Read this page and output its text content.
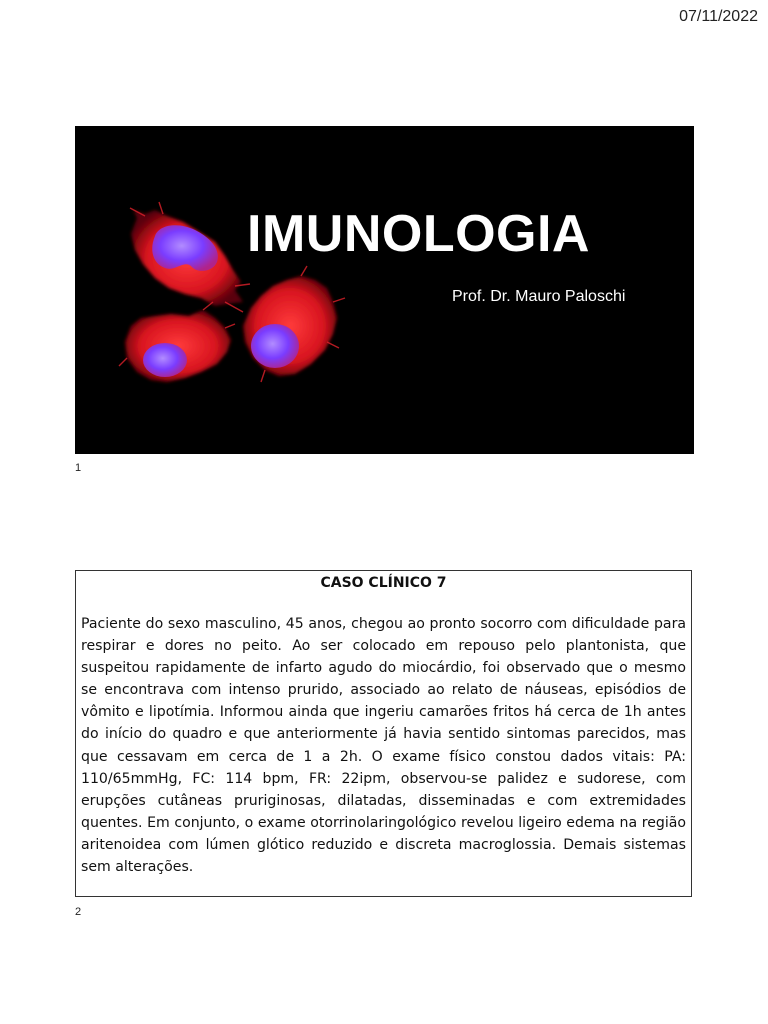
07/11/2022
IMUNOLOGIA
Prof. Dr. Mauro Paloschi
1
CASO CLÍNICO 7
Paciente do sexo masculino, 45 anos, chegou ao pronto socorro com dificuldade para respirar e dores no peito. Ao ser colocado em repouso pelo plantonista, que suspeitou rapidamente de infarto agudo do miocárdio, foi observado que o mesmo se encontrava com intenso prurido, associado ao relato de náuseas, episódios de vômito e lipotímia. Informou ainda que ingeriu camarões fritos há cerca de 1h antes do início do quadro e que anteriormente já havia sentido sintomas parecidos, mas que cessavam em cerca de 1 a 2h. O exame físico constou dados vitais: PA: 110/65mmHg, FC: 114 bpm, FR: 22ipm, observou-se palidez e sudorese, com erupções cutâneas pruriginosas, dilatadas, disseminadas e com extremidades quentes. Em conjunto, o exame otorrinolaringológico revelou ligeiro edema na região aritenoidea com lúmen glótico reduzido e discreta macroglossia. Demais sistemas sem alterações.
2
